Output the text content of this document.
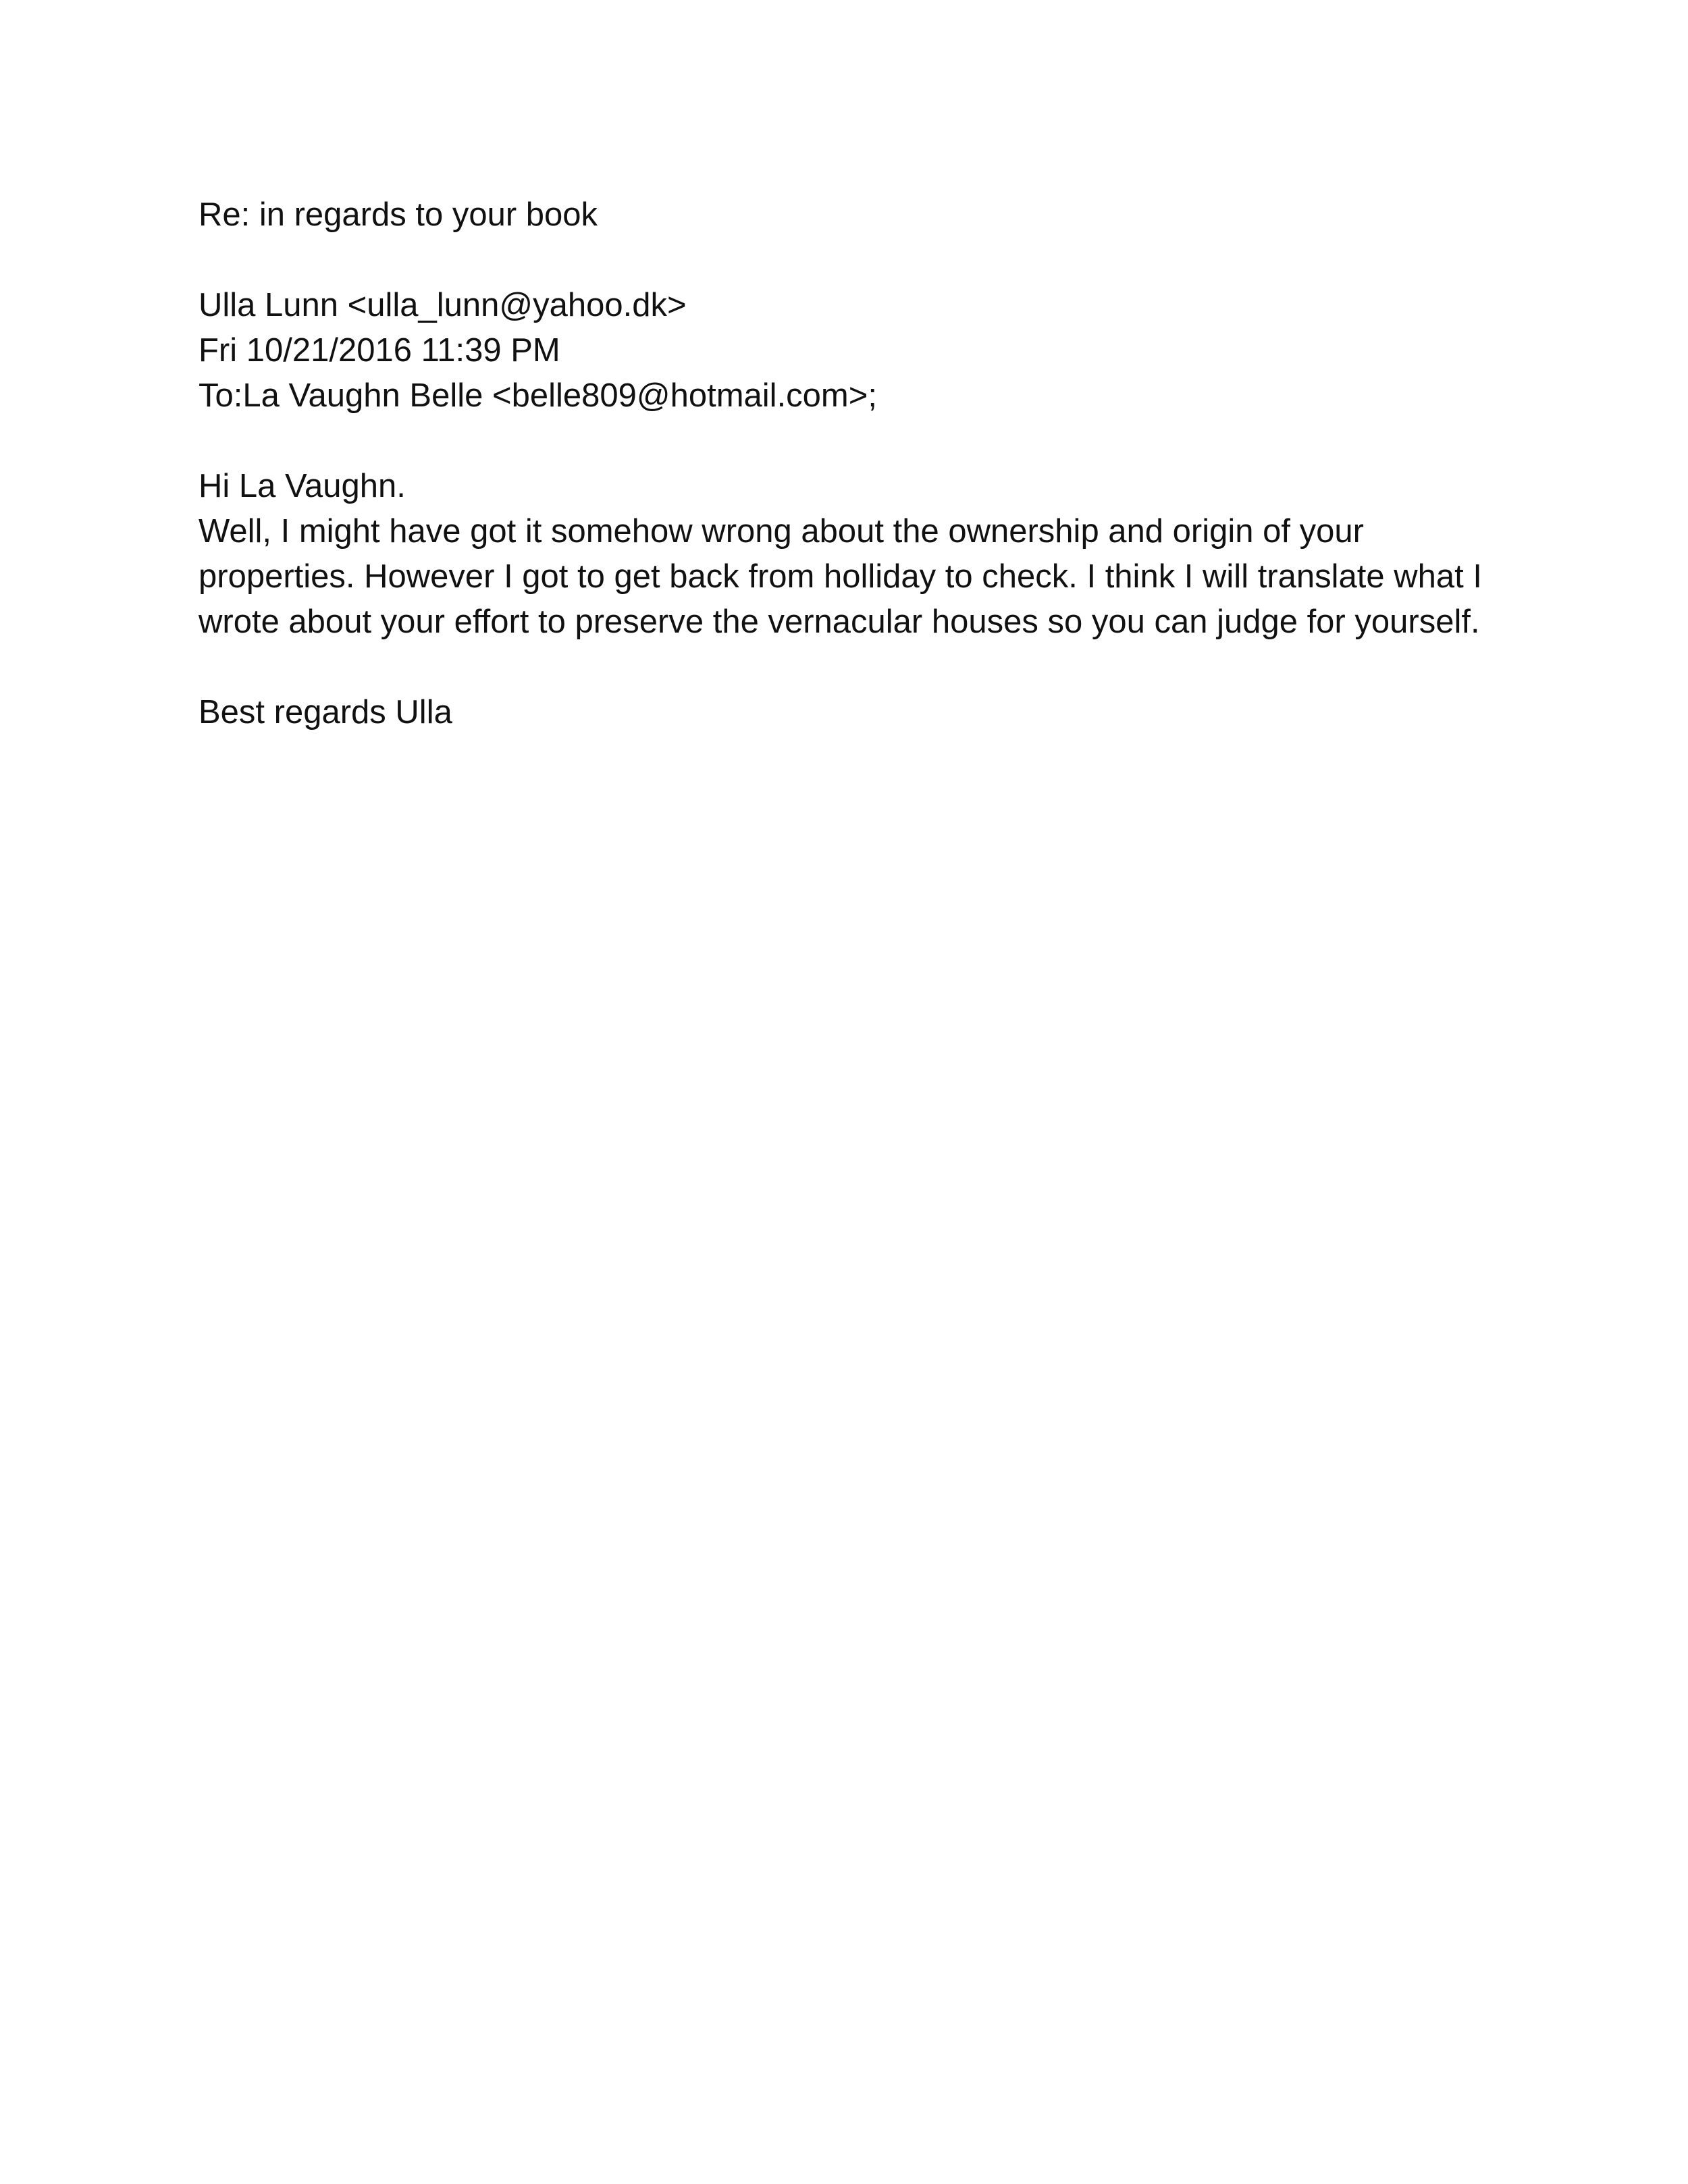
Re: in regards to your book
Ulla Lunn <ulla_lunn@yahoo.dk>
Fri 10/21/2016 11:39 PM
To:La Vaughn Belle <belle809@hotmail.com>;
Hi La Vaughn.
Well, I might have got it somehow wrong about the ownership and origin of your
properties. However I got to get back from holliday to check. I think I will translate what I
wrote about your effort to preserve the vernacular houses so you can judge for yourself.
Best regards Ulla
